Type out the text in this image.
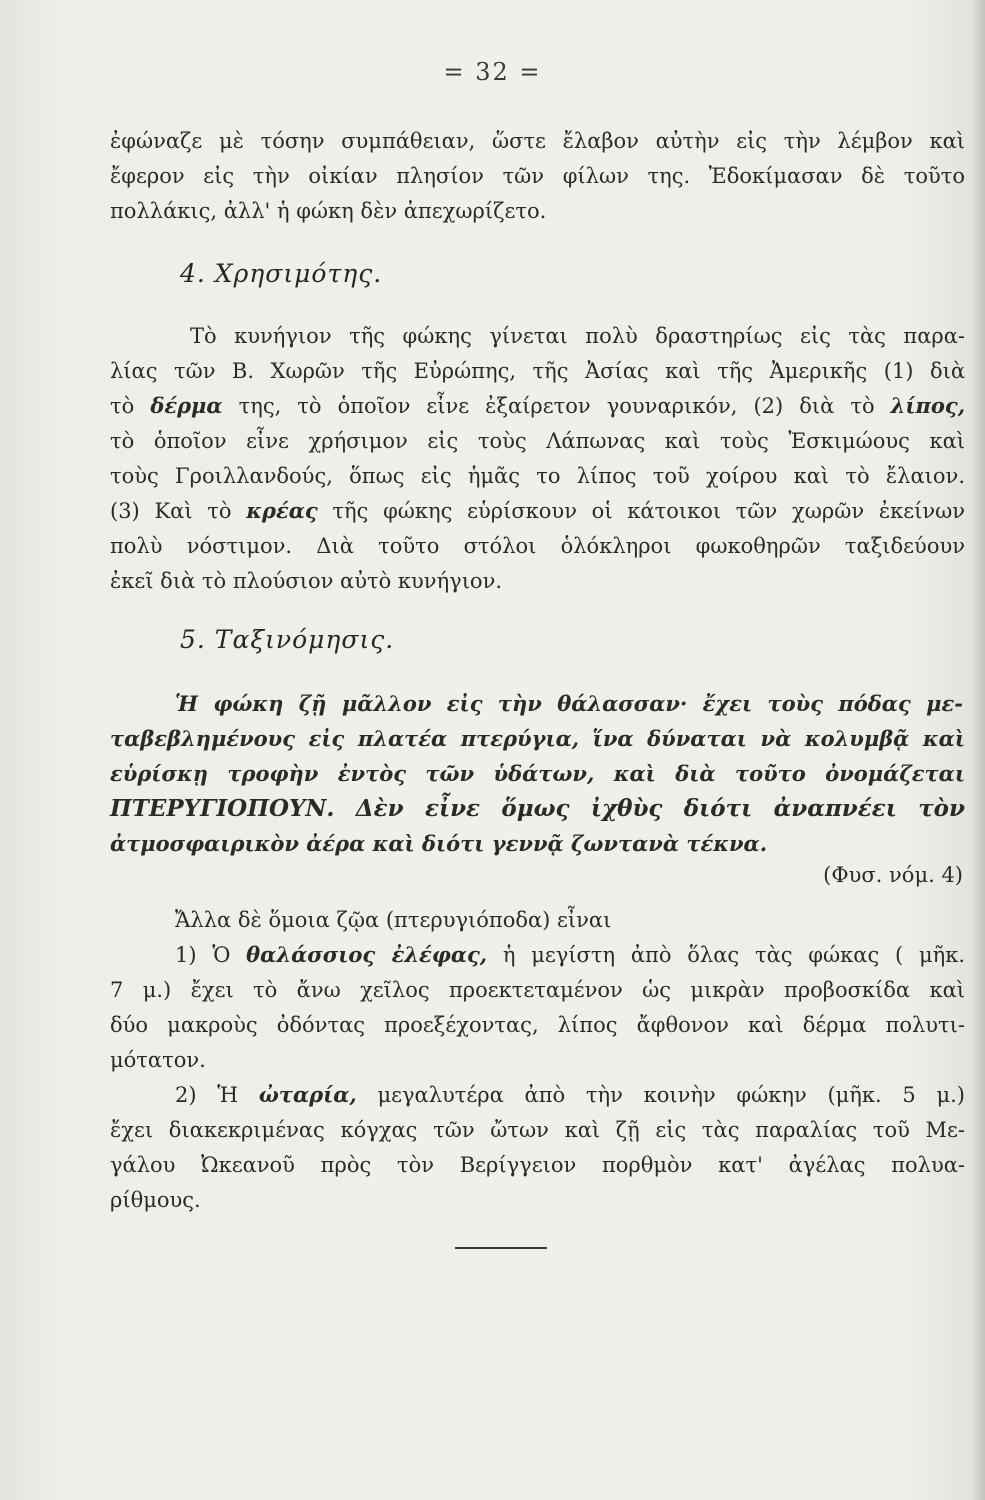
= 32 =
ἐφώναζε μὲ τόσην συμπάθειαν, ὥστε ἔλαβον αὐτὴν εἰς τὴν λέμβον καὶ
ἔφερον εἰς τὴν οἰκίαν πλησίον τῶν φίλων της. Ἐδοκίμασαν δὲ τοῦτο
πολλάκις, ἀλλ' ἡ φώκη δὲν ἀπεχωρίζετο.
4. Χρησιμότης.
Τὸ κυνήγιον τῆς φώκης γίνεται πολὺ δραστηρίως εἰς τὰς παρα-
λίας τῶν Β. Χωρῶν τῆς Εὐρώπης, τῆς Ἀσίας καὶ τῆς Ἀμερικῆς (1) διὰ
τὸ δέρμα της, τὸ ὁποῖον εἶνε ἐξαίρετον γουναρικόν, (2) διὰ τὸ λίπος,
τὸ ὁποῖον εἶνε χρήσιμον εἰς τοὺς Λάπωνας καὶ τοὺς Ἐσκιμώους καὶ
τοὺς Γροιλλανδούς, ὅπως εἰς ἡμᾶς το λίπος τοῦ χοίρου καὶ τὸ ἔλαιον.
(3) Καὶ τὸ κρέας τῆς φώκης εὑρίσκουν οἱ κάτοικοι τῶν χωρῶν ἐκείνων
πολὺ νόστιμον. Διὰ τοῦτο στόλοι ὁλόκληροι φωκοθηρῶν ταξιδεύουν
ἐκεῖ διὰ τὸ πλούσιον αὐτὸ κυνήγιον.
5. Ταξινόμησις.
Ἡ φώκη ζῇ μᾶλλον εἰς τὴν θάλασσαν· ἔχει τοὺς πόδας με-
ταβεβλημένους εἰς πλατέα πτερύγια, ἵνα δύναται νὰ κολυμβᾷ καὶ
εὑρίσκῃ τροφὴν ἐντὸς τῶν ὑδάτων, καὶ διὰ τοῦτο ὀνομάζεται
ΠΤΕΡΥΓΙΟΠΟΥΝ. Δὲν εἶνε ὅμως ἰχθὺς διότι ἀναπνέει τὸν
ἀτμοσφαιρικὸν ἀέρα καὶ διότι γεννᾷ ζωντανὰ τέκνα.
(Φυσ. νόμ. 4)
Ἄλλα δὲ ὅμοια ζῷα (πτερυγιόποδα) εἶναι
1) Ὁ θαλάσσιος ἐλέφας, ἡ μεγίστη ἀπὸ ὅλας τὰς φώκας ( μῆκ.
7 μ.) ἔχει τὸ ἄνω χεῖλος προεκτεταμένον ὡς μικρὰν προβοσκίδα καὶ
δύο μακροὺς ὀδόντας προεξέχοντας, λίπος ἄφθονον καὶ δέρμα πολυτι-
μότατον.
2) Ἡ ὠταρία, μεγαλυτέρα ἀπὸ τὴν κοινὴν φώκην (μῆκ. 5 μ.)
ἔχει διακεκριμένας κόγχας τῶν ὤτων καὶ ζῇ εἰς τὰς παραλίας τοῦ Με-
γάλου Ὠκεανοῦ πρὸς τὸν Βερίγγειον πορθμὸν κατ' ἀγέλας πολυα-
ρίθμους.
